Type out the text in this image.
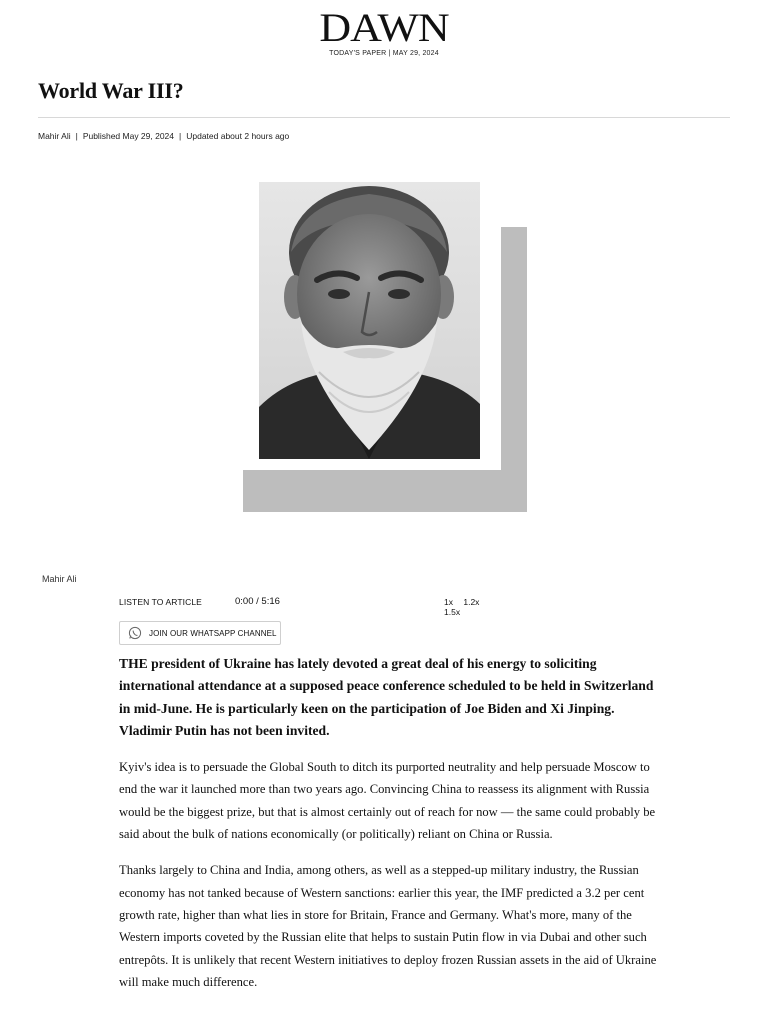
DAWN
TODAY'S PAPER | MAY 29, 2024
World War III?
Mahir Ali | Published May 29, 2024 | Updated about 2 hours ago
Mahir Ali
LISTEN TO ARTICLE	0:00 / 5:16	1x 1.2x 1.5x
JOIN OUR WHATSAPP CHANNEL

THE president of Ukraine has lately devoted a great deal of his energy to soliciting international attendance at a supposed peace conference scheduled to be held in Switzerland in mid-June. He is particularly keen on the participation of Joe Biden and Xi Jinping. Vladimir Putin has not been invited.

Kyiv's idea is to persuade the Global South to ditch its purported neutrality and help persuade Moscow to end the war it launched more than two years ago. Convincing China to reassess its alignment with Russia would be the biggest prize, but that is almost certainly out of reach for now — the same could probably be said about the bulk of nations economically (or politically) reliant on China or Russia.

Thanks largely to China and India, among others, as well as a stepped-up military industry, the Russian economy has not tanked because of Western sanctions: earlier this year, the IMF predicted a 3.2 per cent growth rate, higher than what lies in store for Britain, France and Germany. What's more, many of the Western imports coveted by the Russian elite that helps to sustain Putin flow in via Dubai and other such entrepôts. It is unlikely that recent Western initiatives to deploy frozen Russian assets in the aid of Ukraine will make much difference.
